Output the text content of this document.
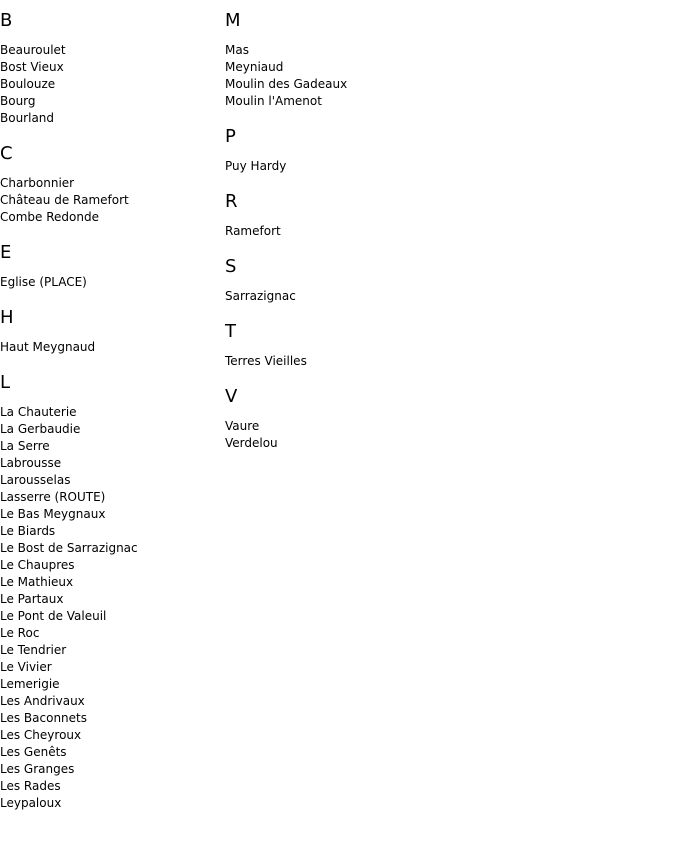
B
Beauroulet
Bost Vieux
Boulouze
Bourg
Bourland
C
Charbonnier
Château de Ramefort
Combe Redonde
E
Eglise (PLACE)
H
Haut Meygnaud
L
La Chauterie
La Gerbaudie
La Serre
Labrousse
Larousselas
Lasserre (ROUTE)
Le Bas Meygnaux
Le Biards
Le Bost de Sarrazignac
Le Chaupres
Le Mathieux
Le Partaux
Le Pont de Valeuil
Le Roc
Le Tendrier
Le Vivier
Lemerigie
Les Andrivaux
Les Baconnets
Les Cheyroux
Les Genêts
Les Granges
Les Rades
Leypaloux
M
Mas
Meyniaud
Moulin des Gadeaux
Moulin l'Amenot
P
Puy Hardy
R
Ramefort
S
Sarrazignac
T
Terres Vieilles
V
Vaure
Verdelou
